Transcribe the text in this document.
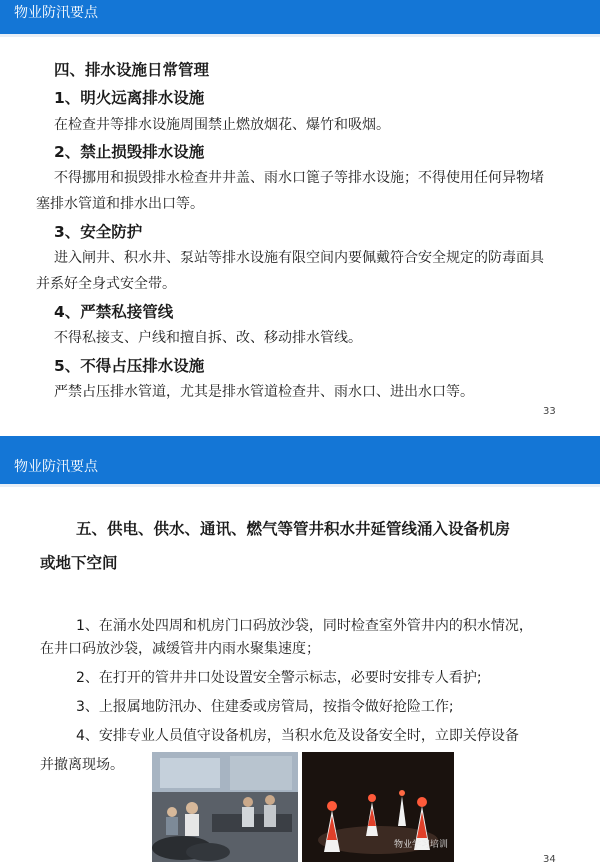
物业防汛要点
四、排水设施日常管理
1、明火远离排水设施
在检查井等排水设施周围禁止燃放烟花、爆竹和吸烟。
2、禁止损毁排水设施
不得挪用和损毁排水检查井井盖、雨水口篦子等排水设施；不得使用任何异物堵
塞排水管道和排水出口等。
3、安全防护
进入闸井、积水井、泵站等排水设施有限空间内要佩戴符合安全规定的防毒面具
并系好全身式安全带。
4、严禁私接管线
不得私接支、户线和擅自拆、改、移动排水管线。
5、不得占压排水设施
严禁占压排水管道，尤其是排水管道检查井、雨水口、进出水口等。
33
物业防汛要点
五、供电、供水、通讯、燃气等管井积水井延管线涌入设备机房
或地下空间
1、在涌水处四周和机房门口码放沙袋，同时检查室外管井内的积水情况，
在井口码放沙袋，减缓管井内雨水聚集速度；
2、在打开的管井井口处设置安全警示标志，必要时安排专人看护;
3、上报属地防汛办、住建委或房管局，按指令做好抢险工作;
4、安排专业人员值守设备机房，当积水危及设备安全时，立即关停设备
并撤离现场。
物业学习培训
34
